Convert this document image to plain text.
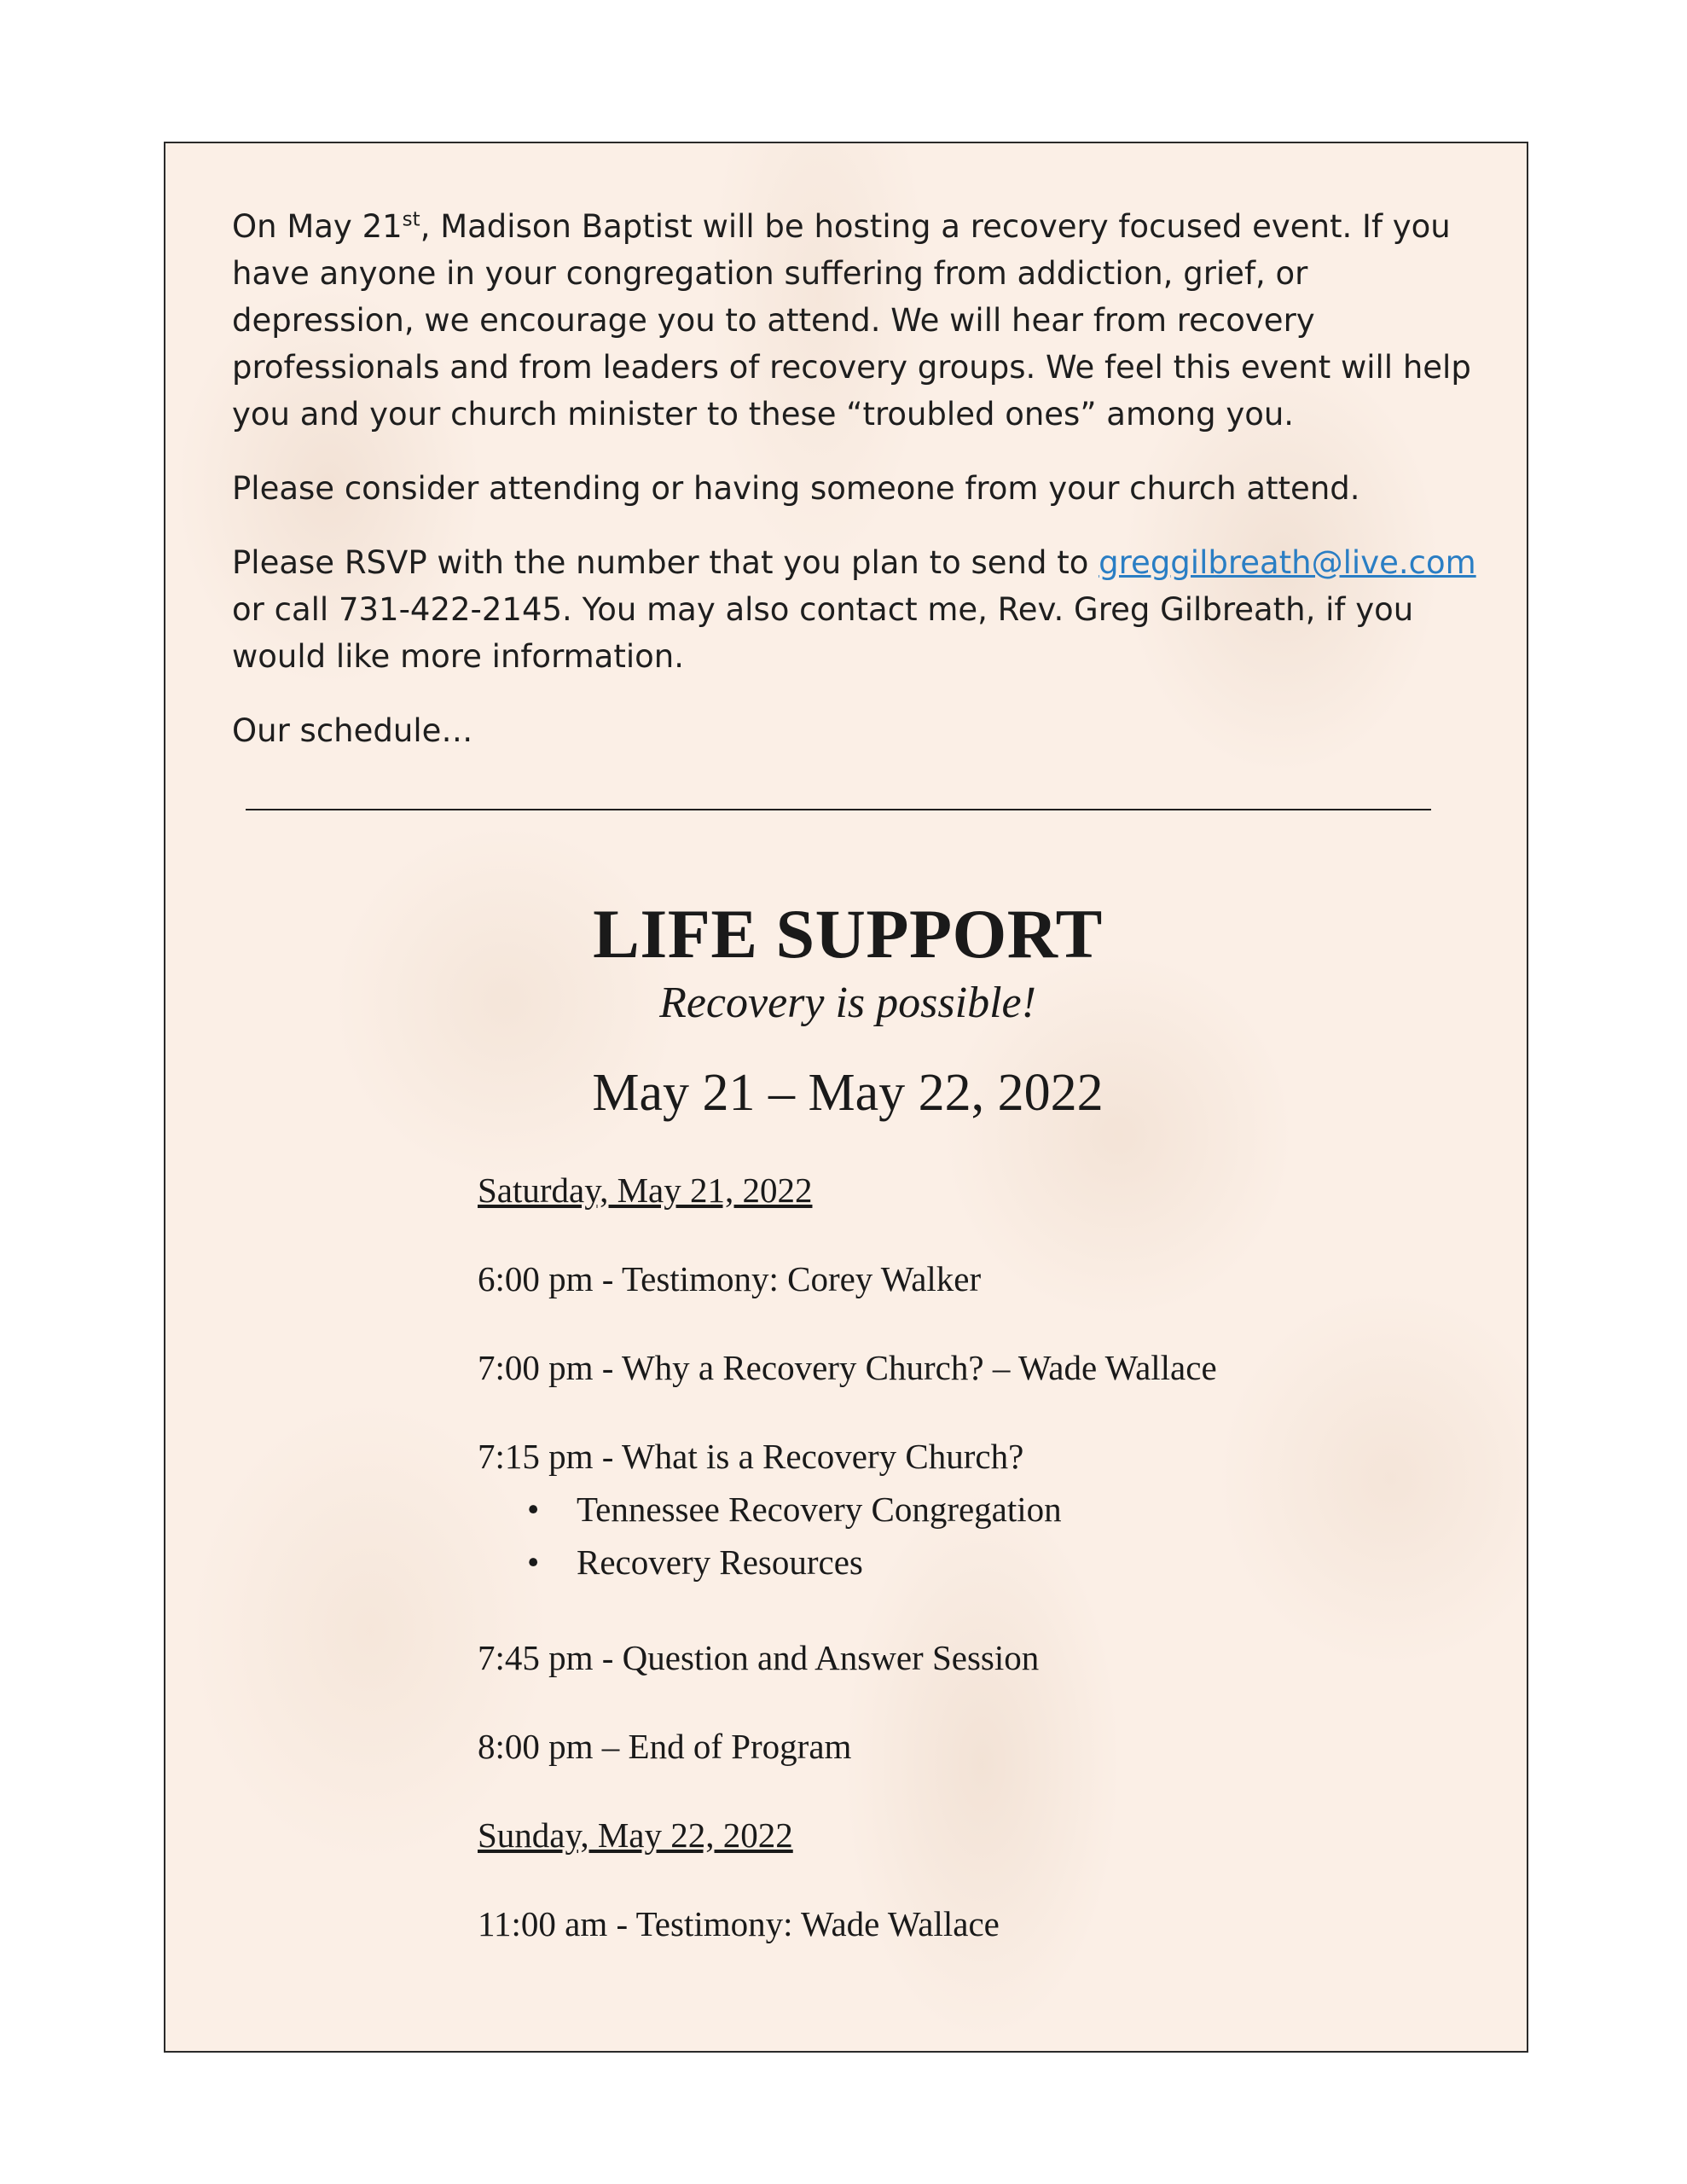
On May 21st, Madison Baptist will be hosting a recovery focused event. If you have anyone in your congregation suffering from addiction, grief, or depression, we encourage you to attend. We will hear from recovery professionals and from leaders of recovery groups. We feel this event will help you and your church minister to these “troubled ones” among you.

Please consider attending or having someone from your church attend.

Please RSVP with the number that you plan to send to greggilbreath@live.com or call 731-422-2145. You may also contact me, Rev. Greg Gilbreath, if you would like more information.

Our schedule…

LIFE SUPPORT
Recovery is possible!
May 21 – May 22, 2022
Saturday, May 21, 2022
6:00 pm - Testimony: Corey Walker
7:00 pm - Why a Recovery Church? – Wade Wallace
7:15 pm - What is a Recovery Church?
• Tennessee Recovery Congregation
• Recovery Resources
7:45 pm - Question and Answer Session
8:00 pm – End of Program
Sunday, May 22, 2022
11:00 am - Testimony: Wade Wallace
